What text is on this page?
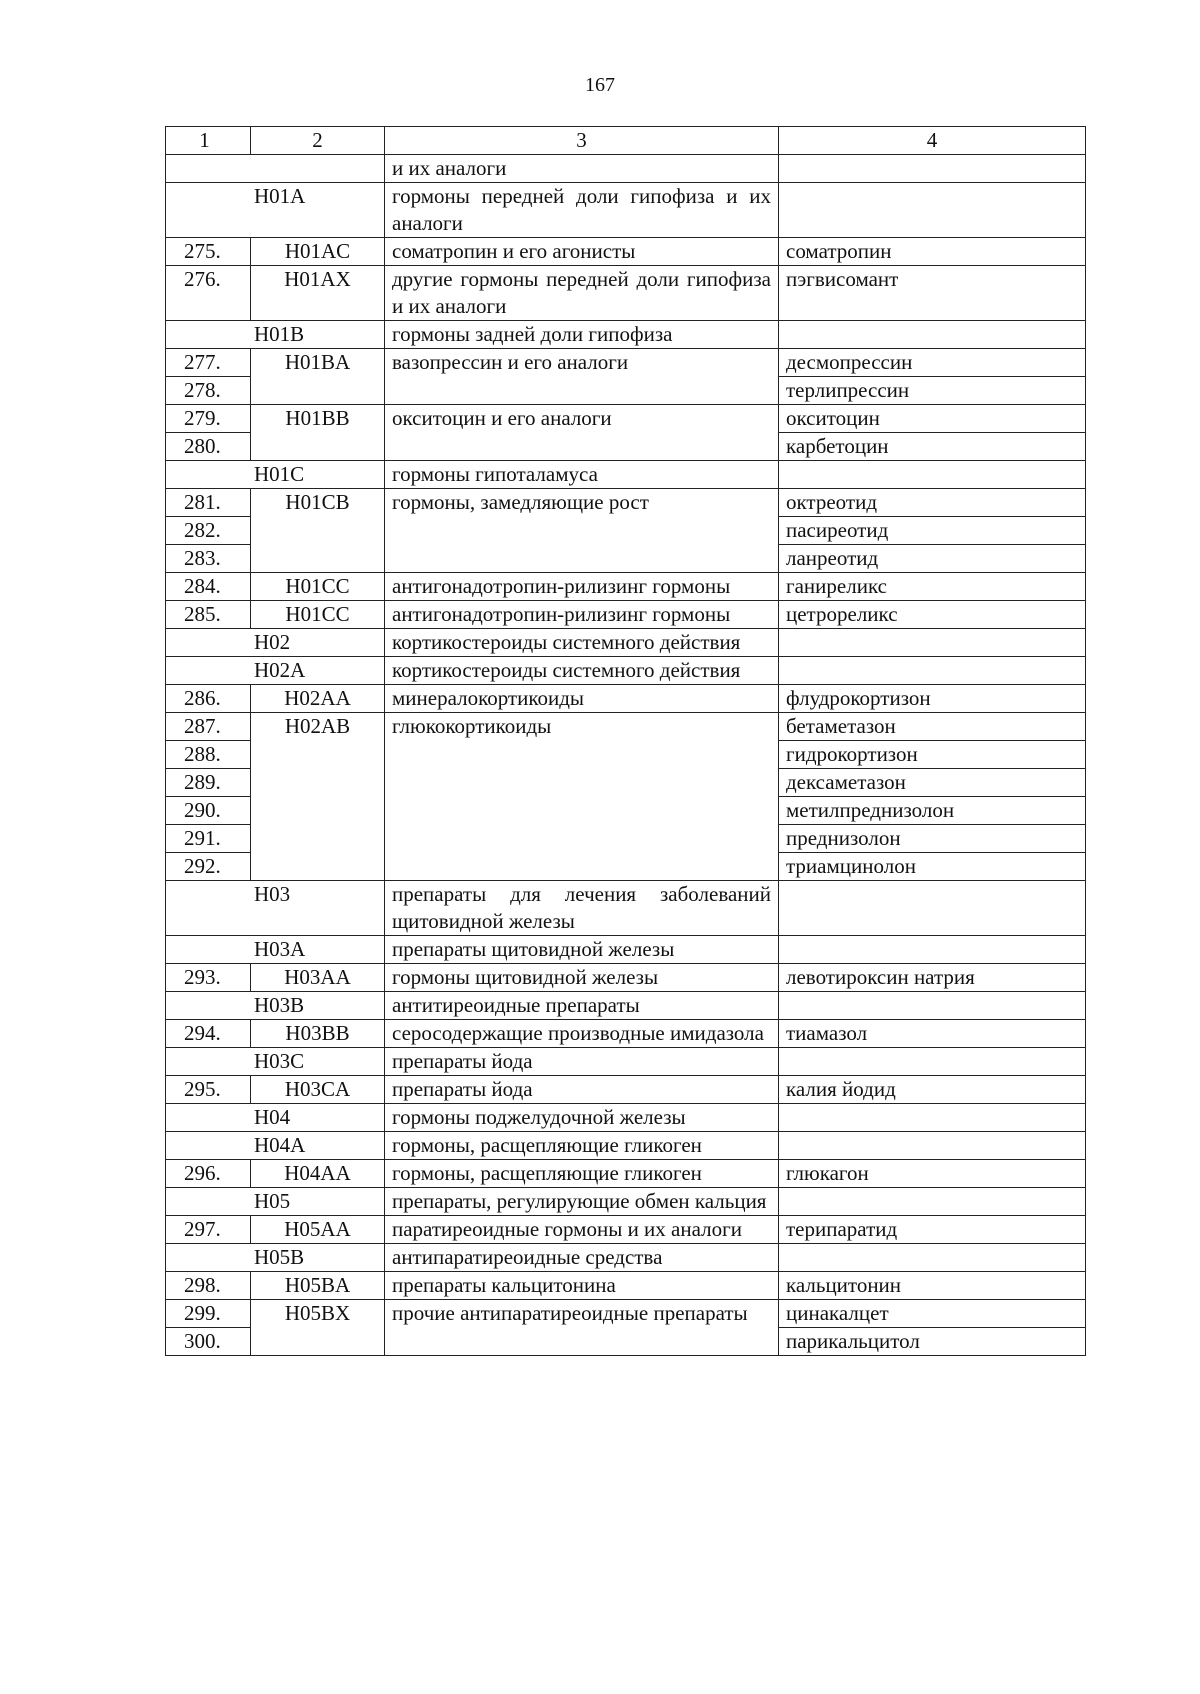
167
1	2	3	4
		и их аналоги	
H01A		гормоны передней доли гипофиза и их аналоги	
275.	H01AC	соматропин и его агонисты	соматропин
276.	H01AX	другие гормоны передней доли гипофиза и их аналоги	пэгвисомант
H01B		гормоны задней доли гипофиза	
277.	H01BA	вазопрессин и его аналоги	десмопрессин
278.			терлипрессин
279.	H01BB	окситоцин и его аналоги	окситоцин
280.			карбетоцин
H01C		гормоны гипоталамуса	
281.	H01CB	гормоны, замедляющие рост	октреотид
282.			пасиреотид
283.			ланреотид
284.	H01CC	антигонадотропин-рилизинг гормоны	ганиреликс
285.	H01CC	антигонадотропин-рилизинг гормоны	цетрореликс
H02		кортикостероиды системного действия	
H02A		кортикостероиды системного действия	
286.	H02AA	минералокортикоиды	флудрокортизон
287.	H02AB	глюкокортикоиды	бетаметазон
288.			гидрокортизон
289.			дексаметазон
290.			метилпреднизолон
291.			преднизолон
292.			триамцинолон
H03		препараты для лечения заболеваний щитовидной железы	
H03A		препараты щитовидной железы	
293.	H03AA	гормоны щитовидной железы	левотироксин натрия
H03B		антитиреоидные препараты	
294.	H03BB	серосодержащие производные имидазола	тиамазол
H03C		препараты йода	
295.	H03CA	препараты йода	калия йодид
H04		гормоны поджелудочной железы	
H04A		гормоны, расщепляющие гликоген	
296.	H04AA	гормоны, расщепляющие гликоген	глюкагон
H05		препараты, регулирующие обмен кальция	
297.	H05AA	паратиреоидные гормоны и их аналоги	терипаратид
H05B		антипаратиреоидные средства	
298.	H05BA	препараты кальцитонина	кальцитонин
299.	H05BX	прочие антипаратиреоидные препараты	цинакалцет
300.			парикальцитол
